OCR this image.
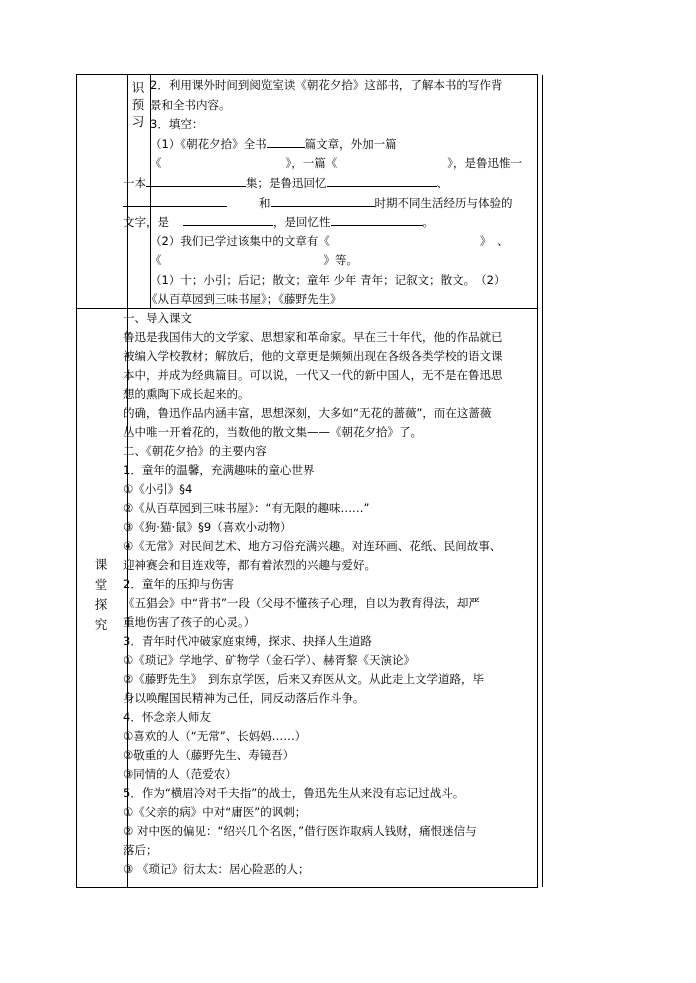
识
预
习
课
堂
探
究
2．利用课外时间到阅览室读《朝花夕拾》这部书，了解本书的写作背
景和全书内容。
3．填空：
（1）《朝花夕拾》全书	篇文章，外加一篇
《	》，一篇《	》，是鲁迅惟一
一本	集；是鲁迅回忆	、
和	时期不同生活经历与体验的
文字，是	，是回忆性	。
（2）我们已学过该集中的文章有《	》　、
《	》等。
（1）十；小引；后记；散文；童年 少年 青年；记叙文；散文。　（2）
《从百草园到三味书屋》；《藤野先生》
一、导入课文
鲁迅是我国伟大的文学家、思想家和革命家。早在三十年代，他的作品就已
被编入学校教材；解放后，他的文章更是频频出现在各级各类学校的语文课
本中，并成为经典篇目。可以说，一代又一代的新中国人，无不是在鲁迅思
想的熏陶下成长起来的。
的确，鲁迅作品内涵丰富，思想深刻，大多如“无花的蔷薇”，而在这蔷薇
丛中唯一开着花的，当数他的散文集——《朝花夕拾》了。
二、《朝花夕拾》的主要内容
1．童年的温馨，充满趣味的童心世界
①《小引》§4
②《从百草园到三味书屋》：“有无限的趣味……”
③《狗·猫·鼠》§9（喜欢小动物）
④《无常》对民间艺术、地方习俗充满兴趣。对连环画、花纸、民间故事、
迎神赛会和目连戏等，都有着浓烈的兴趣与爱好。
2．童年的压抑与伤害
《五猖会》中“背书”一段（父母不懂孩子心理，自以为教育得法，却严
重地伤害了孩子的心灵。）
3．青年时代冲破家庭束缚，探求、抉择人生道路
①《琐记》学地学、矿物学（金石学）、赫胥黎《天演论》
②《藤野先生》　到东京学医，后来又弃医从文。从此走上文学道路，毕
身以唤醒国民精神为己任，同反动落后作斗争。
4．怀念亲人师友
①喜欢的人（“无常”、长妈妈……）
②敬重的人（藤野先生、寿镜吾）
③同情的人（范爱农）
5．作为“横眉冷对千夫指”的战士，鲁迅先生从来没有忘记过战斗。
①《父亲的病》中对“庸医”的讽刺；
② 对中医的偏见：“绍兴几个名医，”借行医诈取病人钱财，痛恨迷信与
落后；
③ 《琐记》衍太太：居心险恶的人；
